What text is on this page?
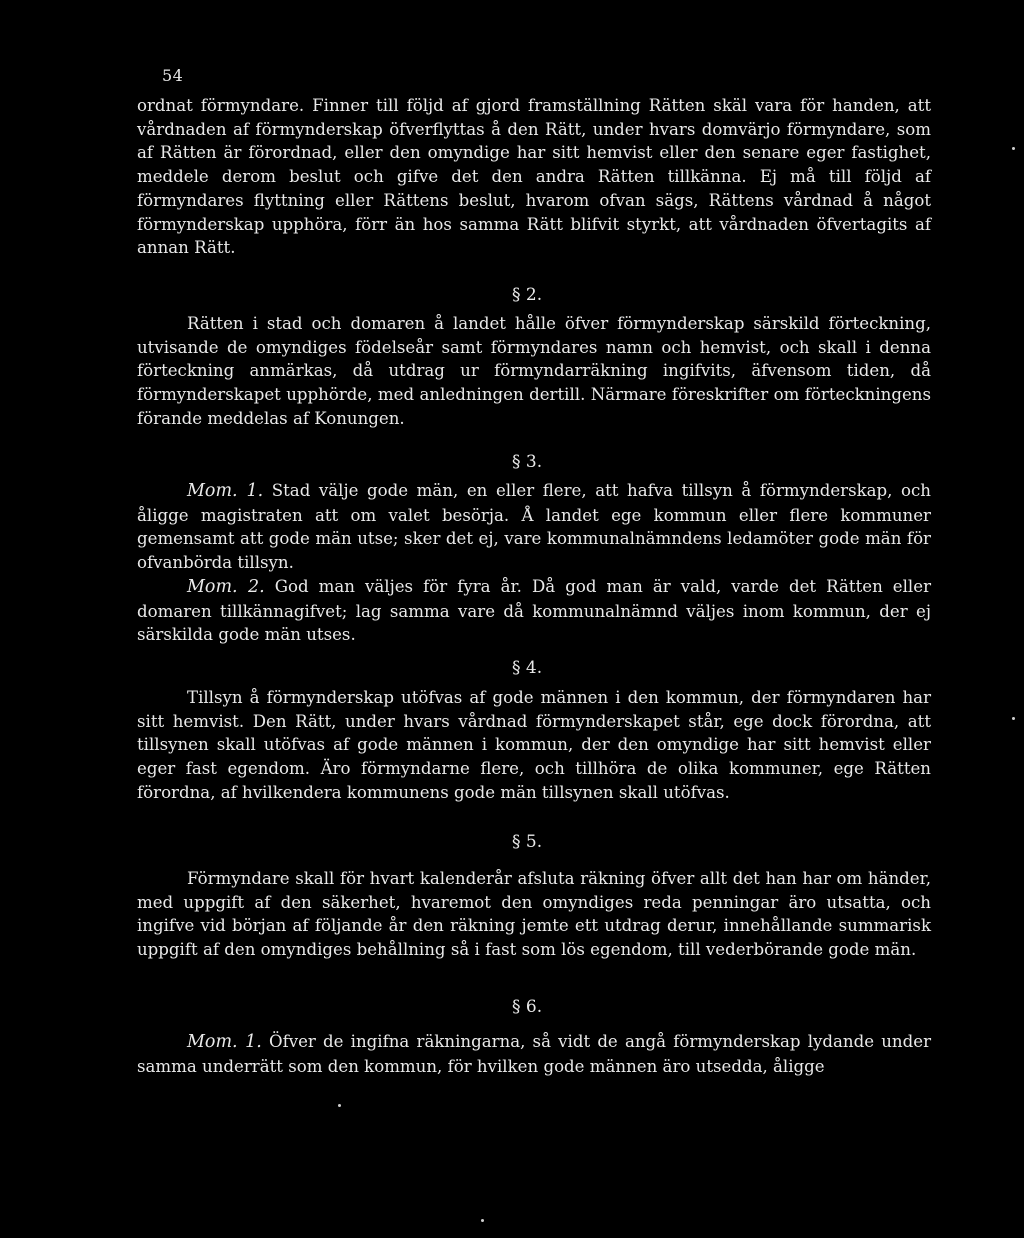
54

ordnat förmyndare. Finner till följd af gjord framställning Rätten skäl vara för handen, att vårdnaden af förmynderskap öfverflyttas å den Rätt, under hvars domvärjo förmyndare, som af Rätten är förordnad, eller den omyndige har sitt hemvist eller den senare eger fastighet, meddele derom beslut och gifve det den andra Rätten tillkänna. Ej må till följd af förmyndares flyttning eller Rättens beslut, hvarom ofvan sägs, Rättens vårdnad å något förmynderskap upphöra, förr än hos samma Rätt blifvit styrkt, att vårdnaden öfvertagits af annan Rätt.

§ 2.

Rätten i stad och domaren å landet hålle öfver förmynderskap särskild förteckning, utvisande de omyndiges födelseår samt förmyndares namn och hemvist, och skall i denna förteckning anmärkas, då utdrag ur förmyndarräkning ingifvits, äfvensom tiden, då förmynderskapet upphörde, med anledningen dertill. Närmare föreskrifter om förteckningens förande meddelas af Konungen.

§ 3.

Mom. 1. Stad välje gode män, en eller flere, att hafva tillsyn å förmynderskap, och åligge magistraten att om valet besörja. Å landet ege kommun eller flere kommuner gemensamt att gode män utse; sker det ej, vare kommunalnämndens ledamöter gode män för ofvanbörda tillsyn.

Mom. 2. God man väljes för fyra år. Då god man är vald, varde det Rätten eller domaren tillkännagifvet; lag samma vare då kommunalnämnd väljes inom kommun, der ej särskilda gode män utses.

§ 4.

Tillsyn å förmynderskap utöfvas af gode männen i den kommun, der förmyndaren har sitt hemvist. Den Rätt, under hvars vårdnad förmynderskapet står, ege dock förordna, att tillsynen skall utöfvas af gode männen i kommun, der den omyndige har sitt hemvist eller eger fast egendom. Äro förmyndarne flere, och tillhöra de olika kommuner, ege Rätten förordna, af hvilkendera kommunens gode män tillsynen skall utöfvas.

§ 5.

Förmyndare skall för hvart kalenderår afsluta räkning öfver allt det han har om händer, med uppgift af den säkerhet, hvaremot den omyndiges reda penningar äro utsatta, och ingifve vid början af följande år den räkning jemte ett utdrag derur, innehållande summarisk uppgift af den omyndiges behållning så i fast som lös egendom, till vederbörande gode män.

§ 6.

Mom. 1. Öfver de ingifna räkningarna, så vidt de angå förmynderskap lydande under samma underrätt som den kommun, för hvilken gode männen äro utsedda, åligge
